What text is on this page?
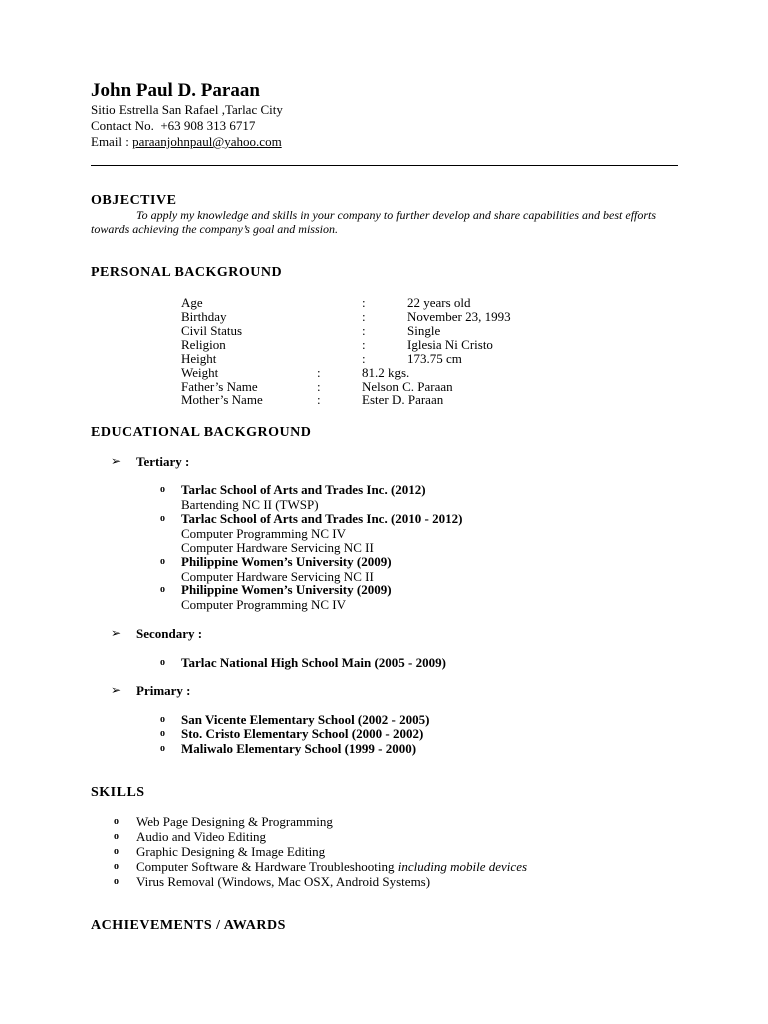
John Paul D. Paraan
Sitio Estrella San Rafael ,Tarlac City
Contact No. +63 908 313 6717
Email : paraanjohnpaul@yahoo.com
OBJECTIVE
To apply my knowledge and skills in your company to further develop and share capabilities and best efforts towards achieving the company’s goal and mission.
PERSONAL BACKGROUND
Age	:	22 years old
Birthday	:	November 23, 1993
Civil Status	:	Single
Religion	:	Iglesia Ni Cristo
Height	:	173.75 cm
Weight	:	81.2 kgs.
Father’s Name	:	Nelson C. Paraan
Mother’s Name	:	Ester D. Paraan
EDUCATIONAL BACKGROUND
➢ Tertiary :
o Tarlac School of Arts and Trades Inc. (2012)
Bartending NC II (TWSP)
o Tarlac School of Arts and Trades Inc. (2010 - 2012)
Computer Programming NC IV
Computer Hardware Servicing NC II
o Philippine Women’s University (2009)
Computer Hardware Servicing NC II
o Philippine Women’s University (2009)
Computer Programming NC IV
➢ Secondary :
o Tarlac National High School Main (2005 - 2009)
➢ Primary :
o San Vicente Elementary School (2002 - 2005)
o Sto. Cristo Elementary School (2000 - 2002)
o Maliwalo Elementary School (1999 - 2000)
SKILLS
o Web Page Designing & Programming
o Audio and Video Editing
o Graphic Designing & Image Editing
o Computer Software & Hardware Troubleshooting including mobile devices
o Virus Removal (Windows, Mac OSX, Android Systems)
ACHIEVEMENTS / AWARDS
